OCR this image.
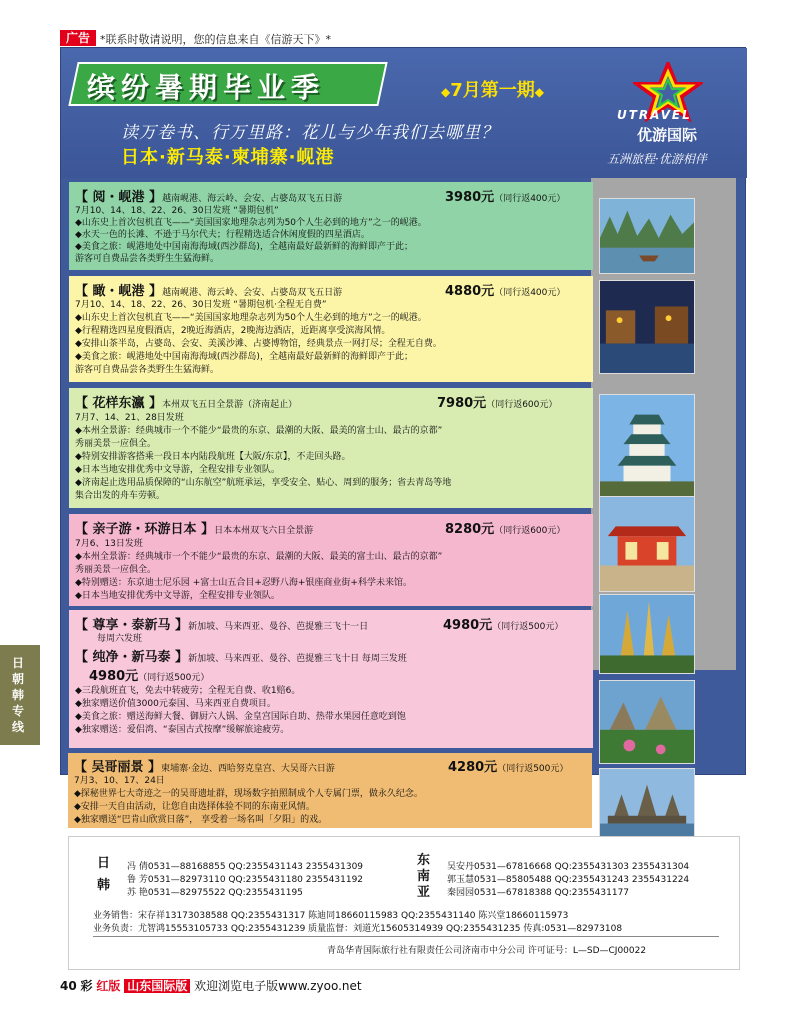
广告 *联系时敬请说明，您的信息来自《信游天下》*
日朝韩专线
缤纷暑期毕业季	◆7月第一期◆
读万卷书、行万里路：花儿与少年我们去哪里？
日本·新马泰·柬埔寨·岘港
UTRAVEL
优游国际
五洲旅程·优游相伴
【 阅・岘港 】越南岘港、海云岭、会安、占婆岛双飞五日游	3980元（同行返400元）
7月10、14、18、22、26、30日发班 “暑期包机”
◆山东史上首次包机直飞——“美国国家地理杂志列为50个人生必到的地方”之一的岘港。
◆水天一色的长滩、不逊于马尔代夫；行程精选适合休闲度假的四星酒店。
◆美食之旅：岘港地处中国南海海域(西沙群岛)，全越南最好最新鲜的海鲜即产于此；
游客可自费品尝各类野生生猛海鲜。
【 瞰・岘港 】越南岘港、海云岭、会安、占婆岛双飞五日游	4880元（同行返400元）
7月10、14、18、22、26、30日发班 “暑期包机·全程无自费”
◆山东史上首次包机直飞——“美国国家地理杂志列为50个人生必到的地方”之一的岘港。
◆行程精选四星度假酒店，2晚近海酒店，2晚海边酒店，近距离享受滨海风情。
◆安排山茶半岛，占婆岛、会安、美溪沙滩、占婆博物馆，经典景点一网打尽；全程无自费。
◆美食之旅：岘港地处中国南海海域(西沙群岛)，全越南最好最新鲜的海鲜即产于此；
游客可自费品尝各类野生生猛海鲜。
【 花样东瀛 】本州双飞五日全景游（济南起止）	7980元（同行返600元）
7月7、14、21、28日发班
◆本州全景游：经典城市一个不能少“最贵的东京、最潮的大阪、最美的富士山、最古的京都”
秀丽美景一应俱全。
◆特别安排游客搭乘一段日本内陆段航班【大阪/东京】，不走回头路。
◆日本当地安排优秀中文导游，全程安排专业领队。
◆济南起止选用品质保障的“山东航空”航班承运，享受安全、贴心、周到的服务；省去青岛等地
集合出发的舟车劳顿。
【 亲子游・环游日本 】日本本州双飞六日全景游	8280元（同行返600元）
7月6、13日发班
◆本州全景游：经典城市一个不能少“最贵的东京、最潮的大阪、最美的富士山、最古的京都”
秀丽美景一应俱全。
◆特别赠送：东京迪士尼乐园 +富士山五合目+忍野八海+银座商业街+科学未来馆。
◆日本当地安排优秀中文导游，全程安排专业领队。
【 尊享・泰新马 】新加坡、马来西亚、曼谷、芭提雅三飞十一日	4980元（同行返500元）
每周六发班
【 纯净・新马泰 】新加坡、马来西亚、曼谷、芭提雅三飞十日 每周三发班
4980元（同行返500元）
◆三段航班直飞，免去中转疲劳；全程无自费、收1赔6。
◆独家赠送价值3000元泰国、马来西亚自费项目。
◆美食之旅：赠送海鲜大餐、御厨六人锅、金皇宫国际自助、热带水果园任意吃到饱
◆独家赠送：爱侣湾、“泰国古式按摩”缓解旅途疲劳。
【 吴哥丽景 】柬埔寨·金边、西哈努克皇宫、大吴哥六日游	4280元（同行返500元）
7月3、10、17、24日
◆探秘世界七大奇迹之一的吴哥遗址群，现场数字拍照制成个人专属门票，做永久纪念。
◆安排一天自由活动，让您自由选择体验不同的东南亚风情。
◆独家赠送“巴肯山欣赏日落”， 享受着一场名叫「夕阳」的戏。
日韩
冯 倩0531—88168855 QQ:2355431143 2355431309
鲁 芳0531—82973110 QQ:2355431180 2355431192
苏 艳0531—82975522 QQ:2355431195
东南亚
吴安丹0531—67816668 QQ:2355431303 2355431304
郭玉慧0531—85805488 QQ:2355431243 2355431224
秦园园0531—67818388 QQ:2355431177
业务销售：宋存祥13173038588 QQ:2355431317 陈迪同18660115983 QQ:2355431140 陈兴堂18660115973
业务负责：尤智鸿15553105733 QQ:2355431239 质量监督：刘道光15605314939 QQ:2355431235 传真:0531—82973108
青岛华青国际旅行社有限责任公司济南市中分公司 许可证号：L—SD—CJ00022
40 彩 红版 山东国际版 欢迎浏览电子版www.zyoo.net
